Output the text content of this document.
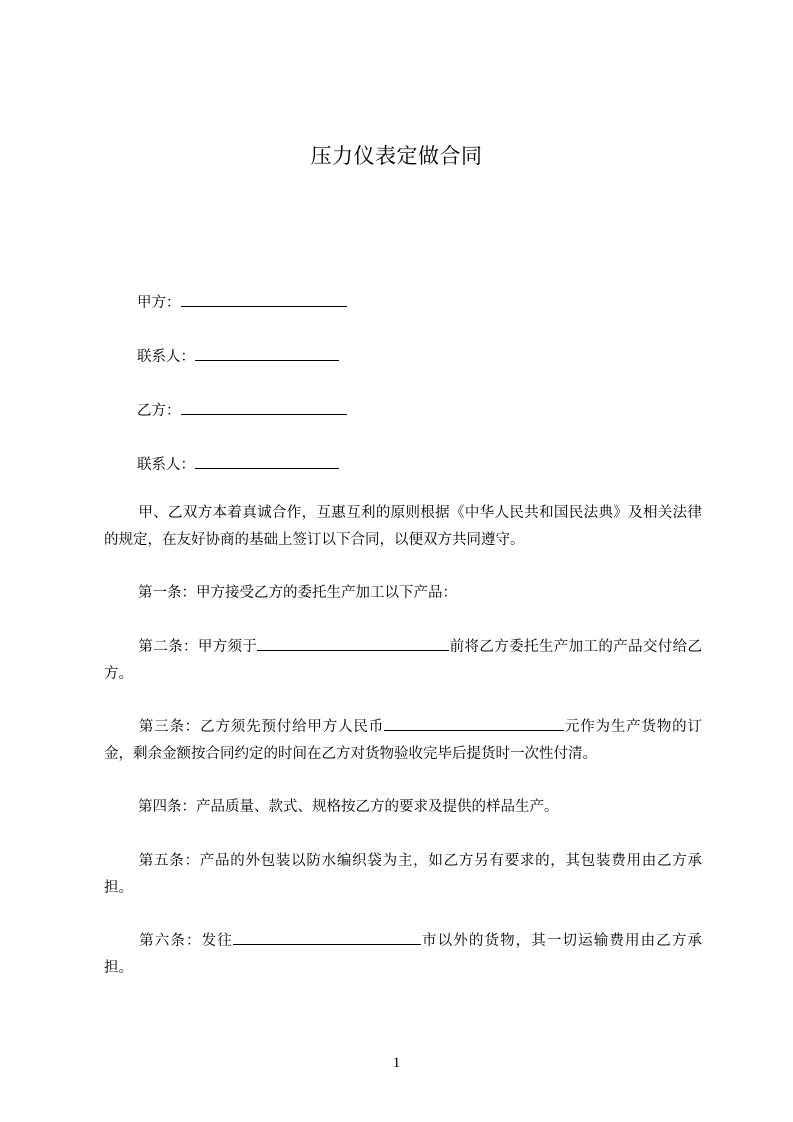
压力仪表定做合同
甲方：
联系人：
乙方：
联系人：
甲、乙双方本着真诚合作，互惠互利的原则根据《中华人民共和国民法典》及相关法律的规定，在友好协商的基础上签订以下合同，以便双方共同遵守。
第一条：甲方接受乙方的委托生产加工以下产品：
第二条：甲方须于	前将乙方委托生产加工的产品交付给乙方。
第三条：乙方须先预付给甲方人民币	元作为生产货物的订金，剩余金额按合同约定的时间在乙方对货物验收完毕后提货时一次性付清。
第四条：产品质量、款式、规格按乙方的要求及提供的样品生产。
第五条：产品的外包装以防水编织袋为主，如乙方另有要求的，其包装费用由乙方承担。
第六条：发往	市以外的货物，其一切运输费用由乙方承担。
1
